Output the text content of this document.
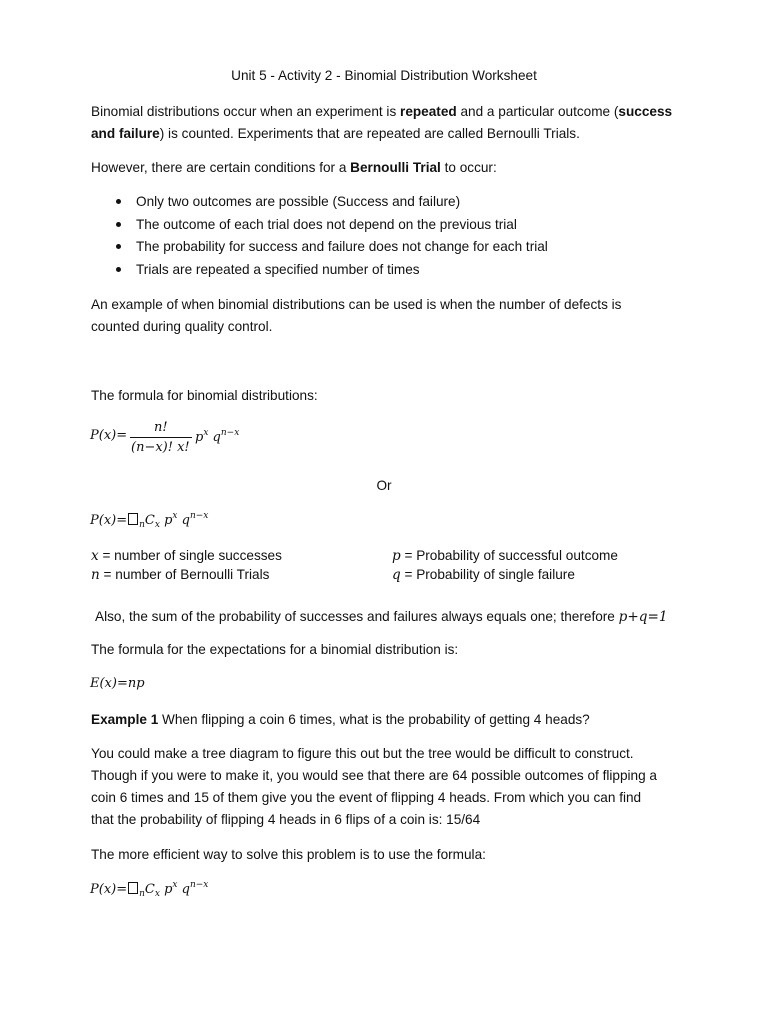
Unit 5 - Activity 2 - Binomial Distribution Worksheet
Binomial distributions occur when an experiment is repeated and a particular outcome (success
and failure) is counted. Experiments that are repeated are called Bernoulli Trials.
However, there are certain conditions for a Bernoulli Trial to occur:
Only two outcomes are possible (Success and failure)
The outcome of each trial does not depend on the previous trial
The probability for success and failure does not change for each trial
Trials are repeated a specified number of times
An example of when binomial distributions can be used is when the number of defects is
counted during quality control.
The formula for binomial distributions:
P(x)=
n!
(n−x)! x!
$p^x$ $q^{n-x}$
Or
$P(x)= _nC_x$ $p^x$ $q^{n-x}$
x = number of single successes
n = number of Bernoulli Trials
p = Probability of successful outcome
q = Probability of single failure
Also, the sum of the probability of successes and failures always equals one; therefore p+q=1
The formula for the expectations for a binomial distribution is:
E(x)=np
Example 1 When flipping a coin 6 times, what is the probability of getting 4 heads?
You could make a tree diagram to figure this out but the tree would be difficult to construct.
Though if you were to make it, you would see that there are 64 possible outcomes of flipping a
coin 6 times and 15 of them give you the event of flipping 4 heads. From which you can find
that the probability of flipping 4 heads in 6 flips of a coin is: 15/64
The more efficient way to solve this problem is to use the formula:
$P(x)= _nC_x$ $p^x$ $q^{n-x}$
